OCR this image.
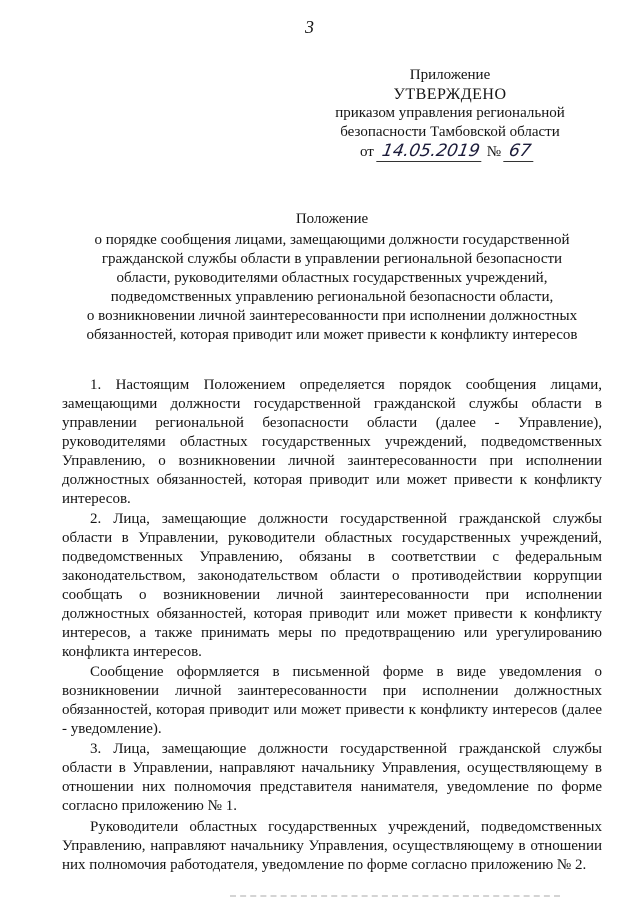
3
Приложение
УТВЕРЖДЕНО
приказом управления региональной
безопасности Тамбовской области
от 14.05.2019 № 67
Положение
о порядке сообщения лицами, замещающими должности государственной
гражданской службы области в управлении региональной безопасности
области, руководителями областных государственных учреждений,
подведомственных управлению региональной безопасности области,
о возникновении личной заинтересованности при исполнении должностных
обязанностей, которая приводит или может привести к конфликту интересов

1. Настоящим Положением определяется порядок сообщения лицами, замещающими должности государственной гражданской службы области в управлении региональной безопасности области (далее - Управление), руководителями областных государственных учреждений, подведомственных Управлению, о возникновении личной заинтересованности при исполнении должностных обязанностей, которая приводит или может привести к конфликту интересов.

2. Лица, замещающие должности государственной гражданской службы области в Управлении, руководители областных государственных учреждений, подведомственных Управлению, обязаны в соответствии с федеральным законодательством, законодательством области о противодействии коррупции сообщать о возникновении личной заинтересованности при исполнении должностных обязанностей, которая приводит или может привести к конфликту интересов, а также принимать меры по предотвращению или урегулированию конфликта интересов.

Сообщение оформляется в письменной форме в виде уведомления о возникновении личной заинтересованности при исполнении должностных обязанностей, которая приводит или может привести к конфликту интересов (далее - уведомление).

3. Лица, замещающие должности государственной гражданской службы области в Управлении, направляют начальнику Управления, осуществляющему в отношении них полномочия представителя нанимателя, уведомление по форме согласно приложению № 1.

Руководители областных государственных учреждений, подведомственных Управлению, направляют начальнику Управления, осуществляющему в отношении них полномочия работодателя, уведомление по форме согласно приложению № 2.
